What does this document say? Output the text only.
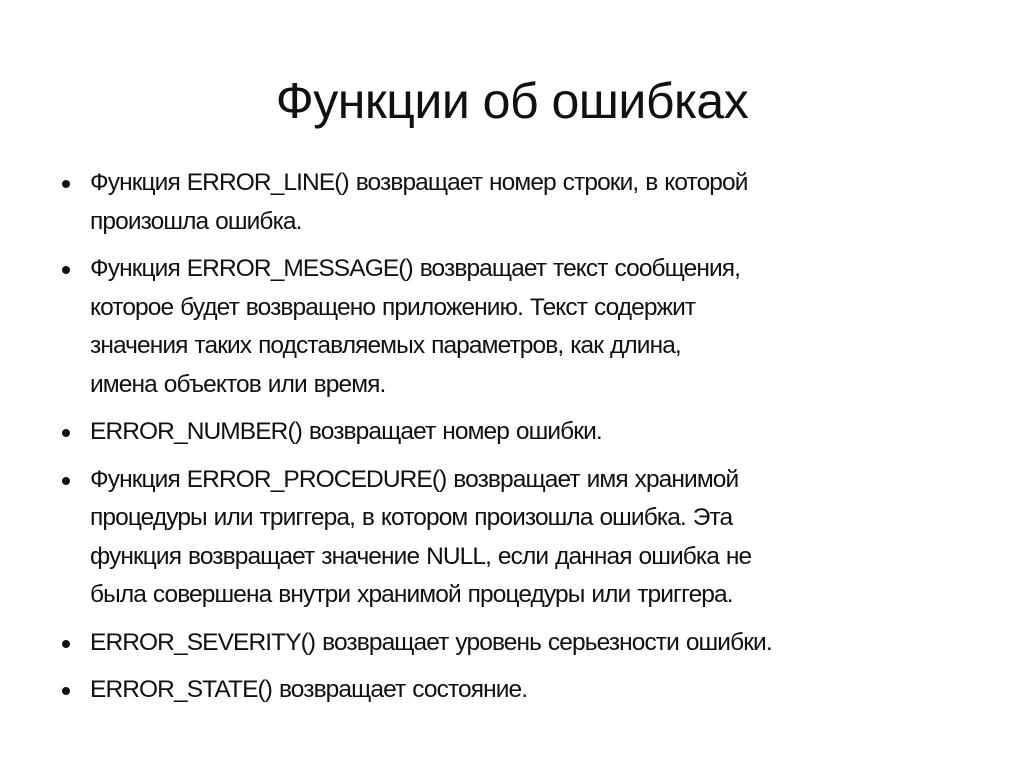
Функции об ошибках
Функция ERROR_LINE() возвращает номер строки, в которой
произошла ошибка.
Функция ERROR_MESSAGE() возвращает текст сообщения,
которое будет возвращено приложению. Текст содержит
значения таких подставляемых параметров, как длина,
имена объектов или время.
ERROR_NUMBER() возвращает номер ошибки.
Функция ERROR_PROCEDURE() возвращает имя хранимой
процедуры или триггера, в котором произошла ошибка. Эта
функция возвращает значение NULL, если данная ошибка не
была совершена внутри хранимой процедуры или триггера.
ERROR_SEVERITY() возвращает уровень серьезности ошибки.
ERROR_STATE() возвращает состояние.
